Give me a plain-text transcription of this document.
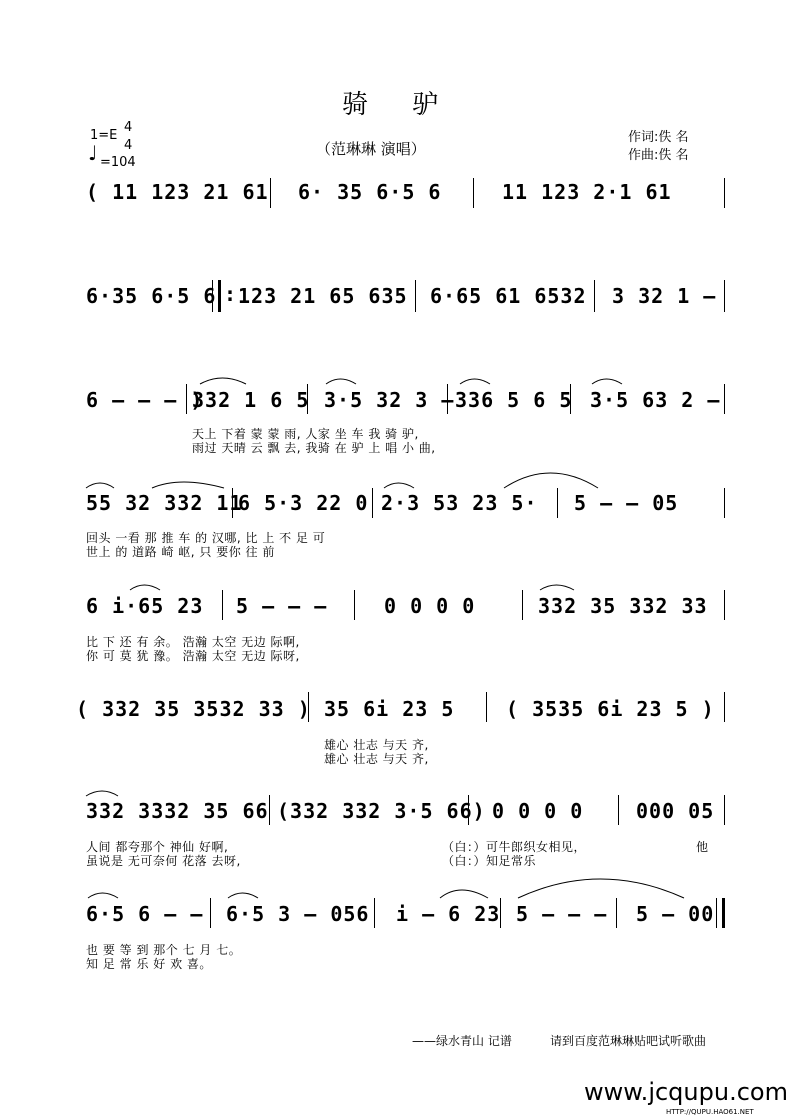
骑 驴
1=E
4
4
♩ =104
（范琳琳 演唱）
作词:佚 名
作曲:佚 名
( 11 123 21 61 6· 35 6·5 6	11 123 2·1 61
6·35 6·5 6 : 123 21 65 635 6·65 61 6532 3 32 1 –
6 – – – )
332 1 6 5 3·5 32 3 – 336 5 6 5 3·5 63 2 –
天上 下着 蒙 蒙 雨, 人家 坐 车 我 骑 驴,
雨过 天晴 云 飘 去, 我骑 在 驴 上 唱 小 曲,
55 32 332 11
6 5·3 22 0 2·3 53 23 5· 5 – – 05
回头 一看 那 推 车 的 汉哪, 比 上 不 足 可
世上 的 道路 崎 岖, 只 要你 往 前
6 i·65 23 5 – – –	0 0 0 0	332 35 332 33
比 下 还 有 余。 浩瀚 太空 无边 际啊,
你 可 莫 犹 豫。 浩瀚 太空 无边 际呀,
( 332 35 3532 33 ) 35 6i 23 5	( 3535 6i 23 5 )
雄心 壮志 与天 齐,
雄心 壮志 与天 齐,
332 3332 35 66 (332 332 3·5 66) 0 0 0 0	000 05
人间 都夸那个 神仙 好啊,
虽说是 无可奈何 花落 去呀,
（白：）可牛郎织女相见，
（白：）知足常乐
他
6·5 6 – – 6·5 3 – 056 i – 6 23 5 – – – 5 – 00
也 要 等 到 那个 七 月 七。
知 足 常 乐 好 欢 喜。
——绿水青山 记谱	请到百度范琳琳贴吧试听歌曲
www.jcqupu.com
HTTP://QUPU.HAO61.NET
